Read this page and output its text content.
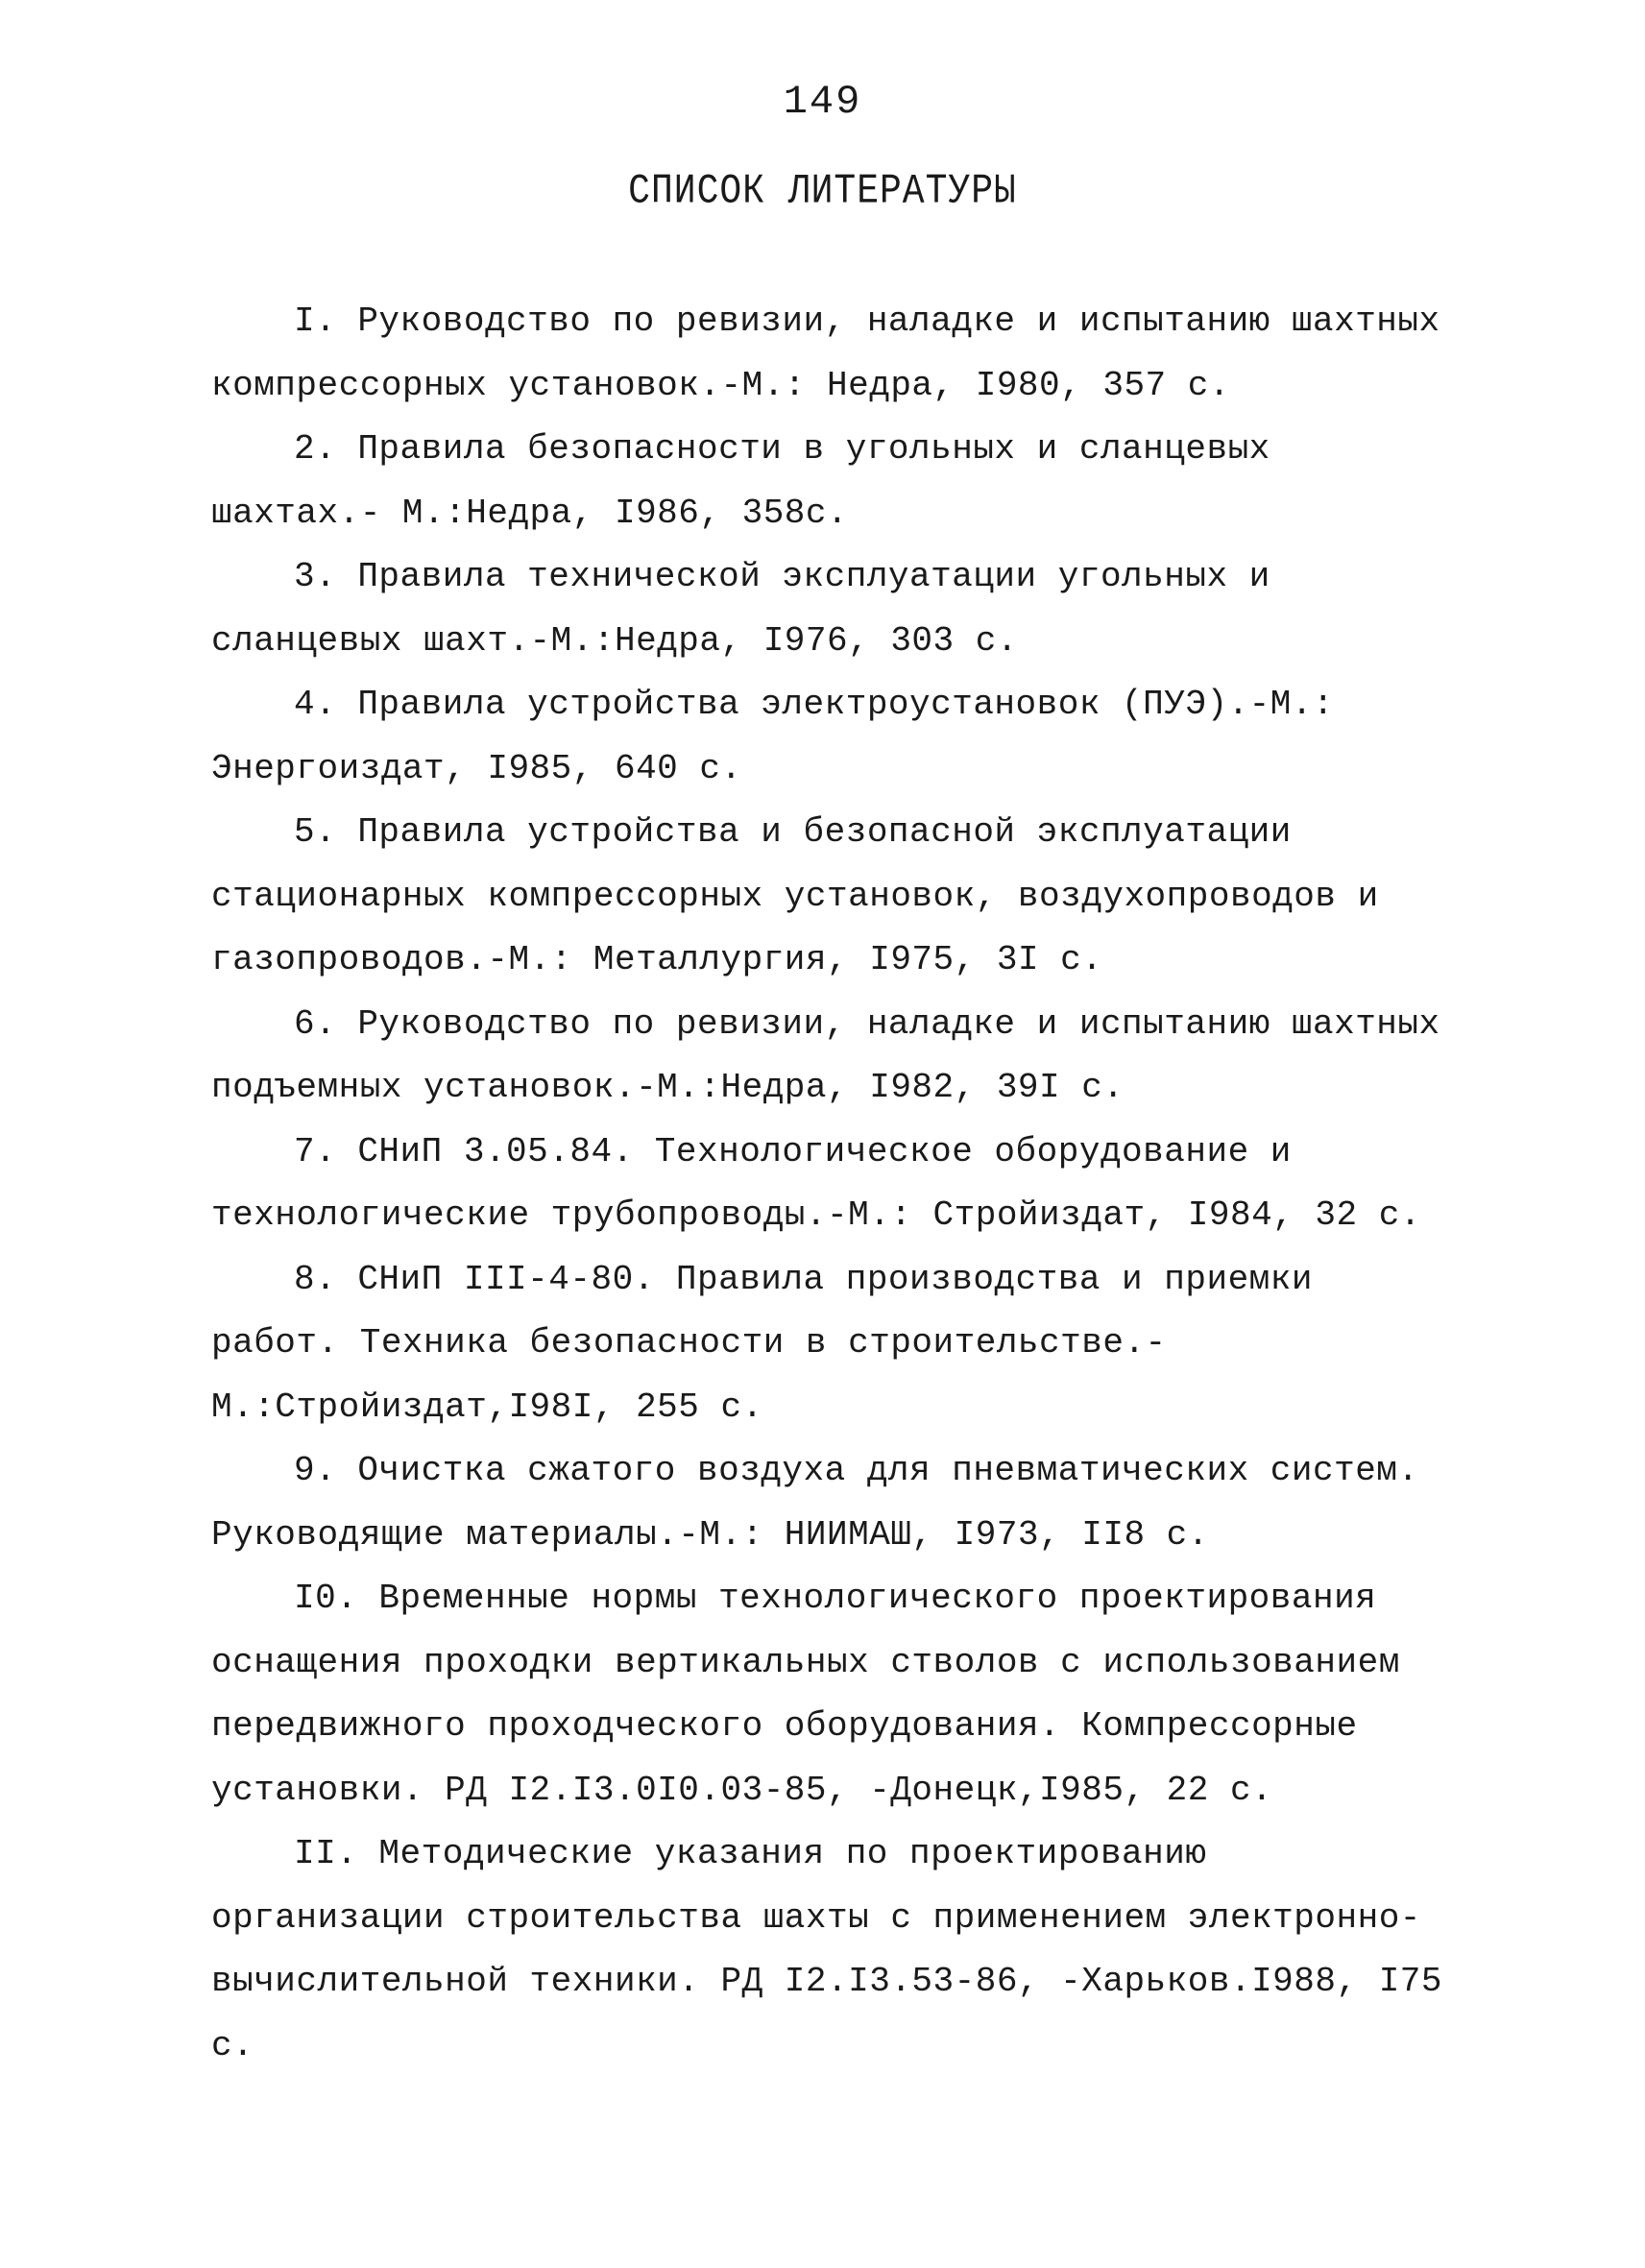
149
СПИСОК ЛИТЕРАТУРЫ

I. Руководство по ревизии, наладке и испытанию шахтных компрессорных установок.-М.: Недра, I980, 357 с.

2. Правила безопасности в угольных и сланцевых шахтах.- М.:Недра, I986, 358с.

3. Правила технической эксплуатации угольных и сланцевых шахт.-М.:Недра, I976, 303 с.

4. Правила устройства электроустановок (ПУЭ).-М.: Энергоиздат, I985, 640 с.

5. Правила устройства и безопасной эксплуатации стационарных компрессорных установок, воздухопроводов и газопроводов.-М.: Металлургия, I975, 3I с.

6. Руководство по ревизии, наладке и испытанию шахтных подъемных установок.-М.:Недра, I982, 39I с.

7. СНиП 3.05.84. Технологическое оборудование и технологические трубопроводы.-М.: Стройиздат, I984, 32 с.

8. СНиП III-4-80. Правила производства и приемки работ. Техника безопасности в строительстве.-М.:Стройиздат,I98I, 255 с.

9. Очистка сжатого воздуха для пневматических систем. Руководящие материалы.-М.: НИИМАШ, I973, II8 с.

I0. Временные нормы технологического проектирования оснащения проходки вертикальных стволов с использованием передвижного проходческого оборудования. Компрессорные установки. РД I2.I3.0I0.03-85, -Донецк,I985, 22 с.

II. Методические указания по проектированию организации строительства шахты с применением электронно-вычислительной техники. РД I2.I3.53-86, -Харьков.I988, I75 с.
